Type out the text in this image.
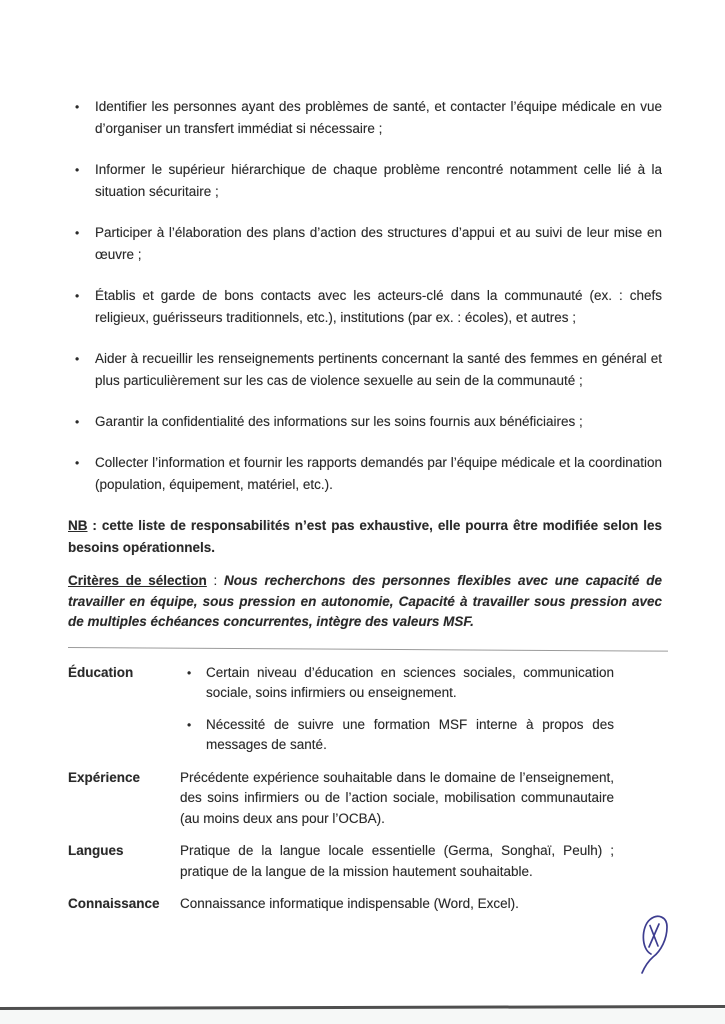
• Identifier les personnes ayant des problèmes de santé, et contacter l’équipe médicale en vue d’organiser un transfert immédiat si nécessaire ;
• Informer le supérieur hiérarchique de chaque problème rencontré notamment celle lié à la situation sécuritaire ;
• Participer à l’élaboration des plans d’action des structures d’appui et au suivi de leur mise en œuvre ;
• Établis et garde de bons contacts avec les acteurs-clé dans la communauté (ex. : chefs religieux, guérisseurs traditionnels, etc.), institutions (par ex. : écoles), et autres ;
• Aider à recueillir les renseignements pertinents concernant la santé des femmes en général et plus particulièrement sur les cas de violence sexuelle au sein de la communauté ;
• Garantir la confidentialité des informations sur les soins fournis aux bénéficiaires ;
• Collecter l’information et fournir les rapports demandés par l’équipe médicale et la coordination (population, équipement, matériel, etc.).

NB : cette liste de responsabilités n’est pas exhaustive, elle pourra être modifiée selon les besoins opérationnels.

Critères de sélection : Nous recherchons des personnes flexibles avec une capacité de travailler en équipe, sous pression en autonomie, Capacité à travailler sous pression avec de multiples échéances concurrentes, intègre des valeurs MSF.

Éducation	• Certain niveau d’éducation en sciences sociales, communication sociale, soins infirmiers ou enseignement.
• Nécessité de suivre une formation MSF interne à propos des messages de santé.
Expérience	Précédente expérience souhaitable dans le domaine de l’enseignement, des soins infirmiers ou de l’action sociale, mobilisation communautaire (au moins deux ans pour l’OCBA).

Langues	Pratique de la langue locale essentielle (Germa, Songhaï, Peulh) ; pratique de la langue de la mission hautement souhaitable.

Connaissance	Connaissance informatique indispensable (Word, Excel).
